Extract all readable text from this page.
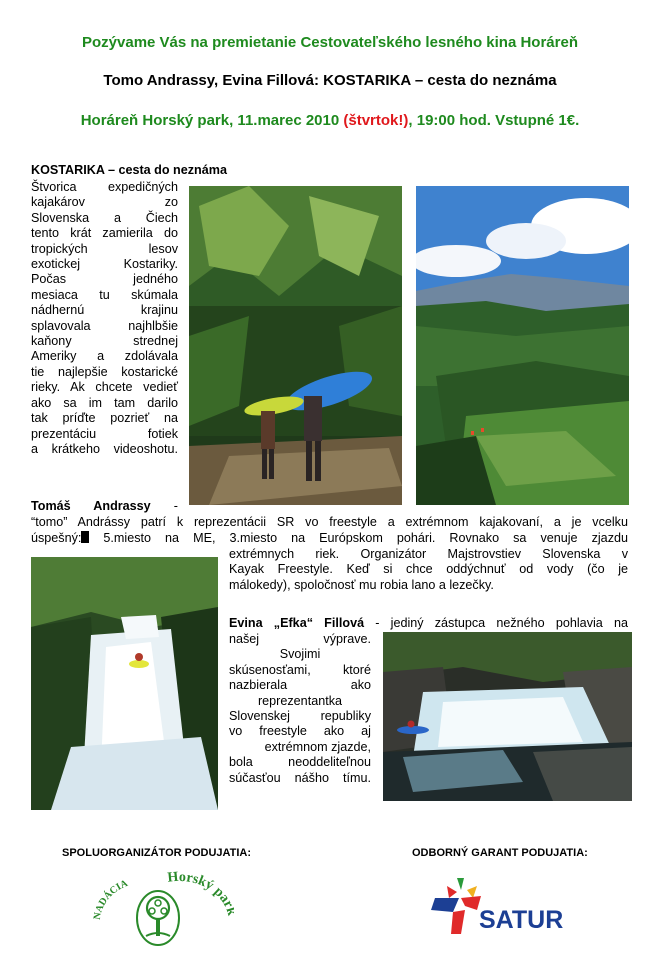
Pozývame Vás na premietanie Cestovateľského lesného kina Horáreň
Tomo Andrassy, Evina Fillová: KOSTARIKA – cesta do neznáma
Horáreň Horský park, 11.marec 2010 (štvrtok!), 19:00 hod. Vstupné 1€.
KOSTARIKA – cesta do neznáma
Štvorica expedičných
kajakárov zo
Slovenska a Čiech
tento krát zamierila do
tropických lesov
exotickej Kostariky.
Počas jedného
mesiaca tu skúmala
nádhernú krajinu
splavovala najhlbšie
kaňony strednej
Ameriky a zdolávala
tie najlepšie kostarické
rieky. Ak chcete vedieť
ako sa im tam darilo
tak príďte pozrieť na
prezentáciu fotiek
a krátkeho videoshotu.
Tomáš Andrassy -
“tomo” Andrássy patrí k reprezentácii SR vo freestyle a extrémnom kajakovaní, a je vcelku
úspešný: 5.miesto na ME, 3.miesto na Európskom pohári. Rovnako sa venuje zjazdu
extrémnych riek. Organizátor Majstrovstiev Slovenska v
Kayak Freestyle. Keď si chce oddýchnuť od vody (čo je
málokedy), spoločnosť mu robia lano a lezečky.
Evina „Efka“ Fillová - jediný zástupca nežného pohlavia na
našej výprave.
Svojimi
skúsenosťami, ktoré
nazbierala ako
reprezentantka
Slovenskej republiky
vo freestyle ako aj
extrémnom zjazde,
bola neoddeliteľnou
súčasťou nášho tímu.
SPOLUORGANIZÁTOR PODUJATIA:	ODBORNÝ GARANT PODUJATIA:
NADÁCIA	Horský pa
SATUR
